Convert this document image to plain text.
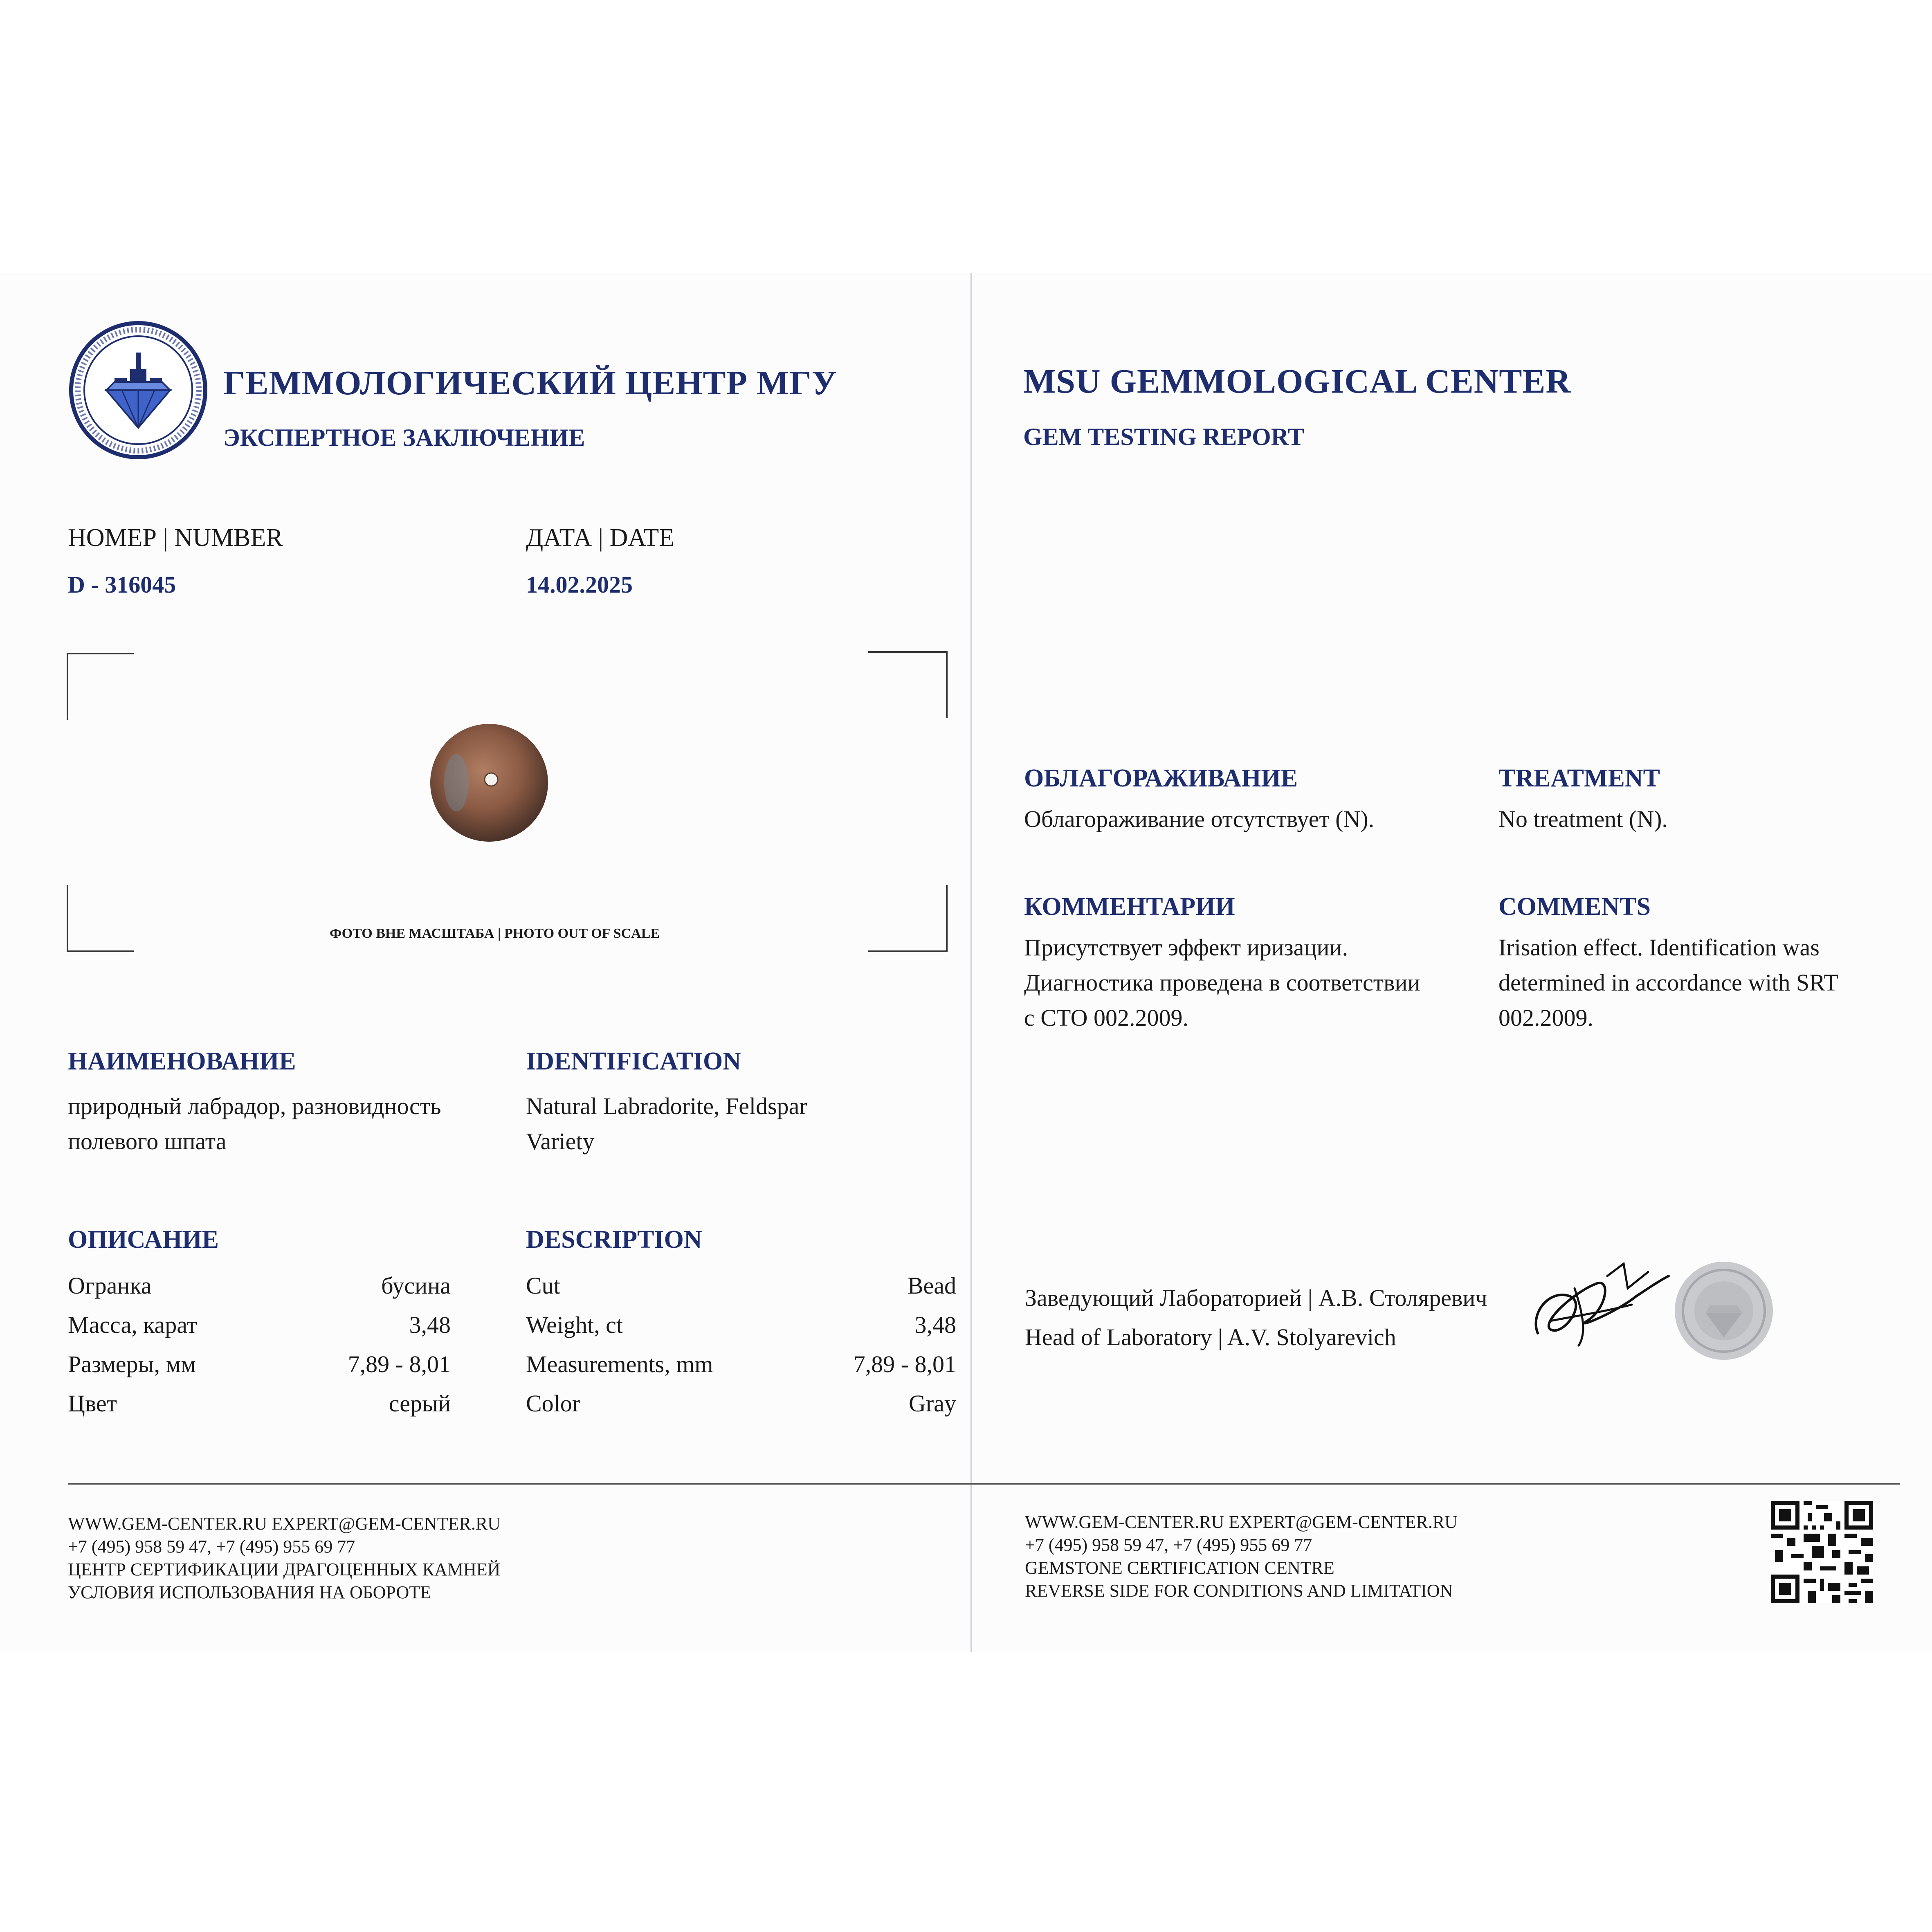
ГЕММОЛОГИЧЕСКИЙ ЦЕНТР МГУ
ЭКСПЕРТНОЕ ЗАКЛЮЧЕНИЕ
НОМЕР | NUMBER
D - 316045
ДАТА | DATE
14.02.2025
ФОТО ВНЕ МАСШТАБА | PHOTO OUT OF SCALE
НАИМЕНОВАНИЕ
природный лабрадор, разновидность полевого шпата
IDENTIFICATION
Natural Labradorite, Feldspar Variety
ОПИСАНИЕ	DESCRIPTION
Огранка	бусина
Масса, карат	3,48
Размеры, мм	7,89 - 8,01
Цвет	серый
Cut	Bead
Weight, ct	3,48
Measurements, mm	7,89 - 8,01
Color	Gray
WWW.GEM-CENTER.RU EXPERT@GEM-CENTER.RU
+7 (495) 958 59 47, +7 (495) 955 69 77
ЦЕНТР СЕРТИФИКАЦИИ ДРАГОЦЕННЫХ КАМНЕЙ
УСЛОВИЯ ИСПОЛЬЗОВАНИЯ НА ОБОРОТЕ
MSU GEMMOLOGICAL CENTER
GEM TESTING REPORT
ОБЛАГОРАЖИВАНИЕ
Облагораживание отсутствует (N).
TREATMENT
No treatment (N).
КОММЕНТАРИИ
Присутствует эффект иризации. Диагностика проведена в соответствии с СТО 002.2009.
COMMENTS
Irisation effect. Identification was determined in accordance with SRT 002.2009.
Заведующий Лабораторией | А.В. Столяревич
Head of Laboratory | A.V. Stolyarevich
WWW.GEM-CENTER.RU EXPERT@GEM-CENTER.RU
+7 (495) 958 59 47, +7 (495) 955 69 77
GEMSTONE CERTIFICATION CENTRE
REVERSE SIDE FOR CONDITIONS AND LIMITATION
